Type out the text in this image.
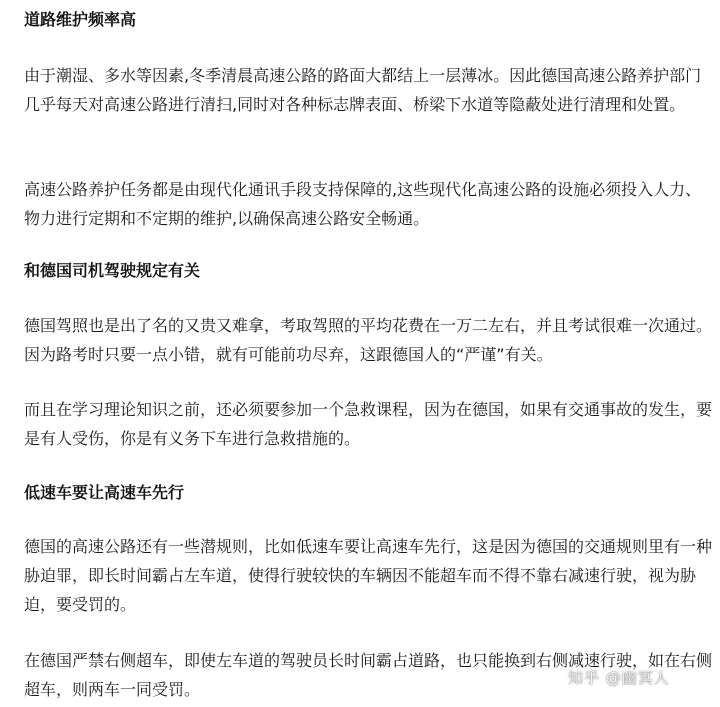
道路维护频率高

由于潮湿、多水等因素,冬季清晨高速公路的路面大都结上一层薄冰。因此德国高速公路养护部门几乎每天对高速公路进行清扫,同时对各种标志牌表面、桥梁下水道等隐蔽处进行清理和处置。

高速公路养护任务都是由现代化通讯手段支持保障的,这些现代化高速公路的设施必须投入人力、物力进行定期和不定期的维护,以确保高速公路安全畅通。

和德国司机驾驶规定有关

德国驾照也是出了名的又贵又难拿，考取驾照的平均花费在一万二左右，并且考试很难一次通过。因为路考时只要一点小错，就有可能前功尽弃，这跟德国人的“严谨”有关。

而且在学习理论知识之前，还必须要参加一个急救课程，因为在德国，如果有交通事故的发生，要是有人受伤，你是有义务下车进行急救措施的。

低速车要让高速车先行

德国的高速公路还有一些潜规则，比如低速车要让高速车先行，这是因为德国的交通规则里有一种胁迫罪，即长时间霸占左车道，使得行驶较快的车辆因不能超车而不得不靠右减速行驶，视为胁迫，要受罚的。

在德国严禁右侧超车，即使左车道的驾驶员长时间霸占道路，也只能换到右侧减速行驶，如在右侧超车，则两车一同受罚。

知乎 @幽冥人
